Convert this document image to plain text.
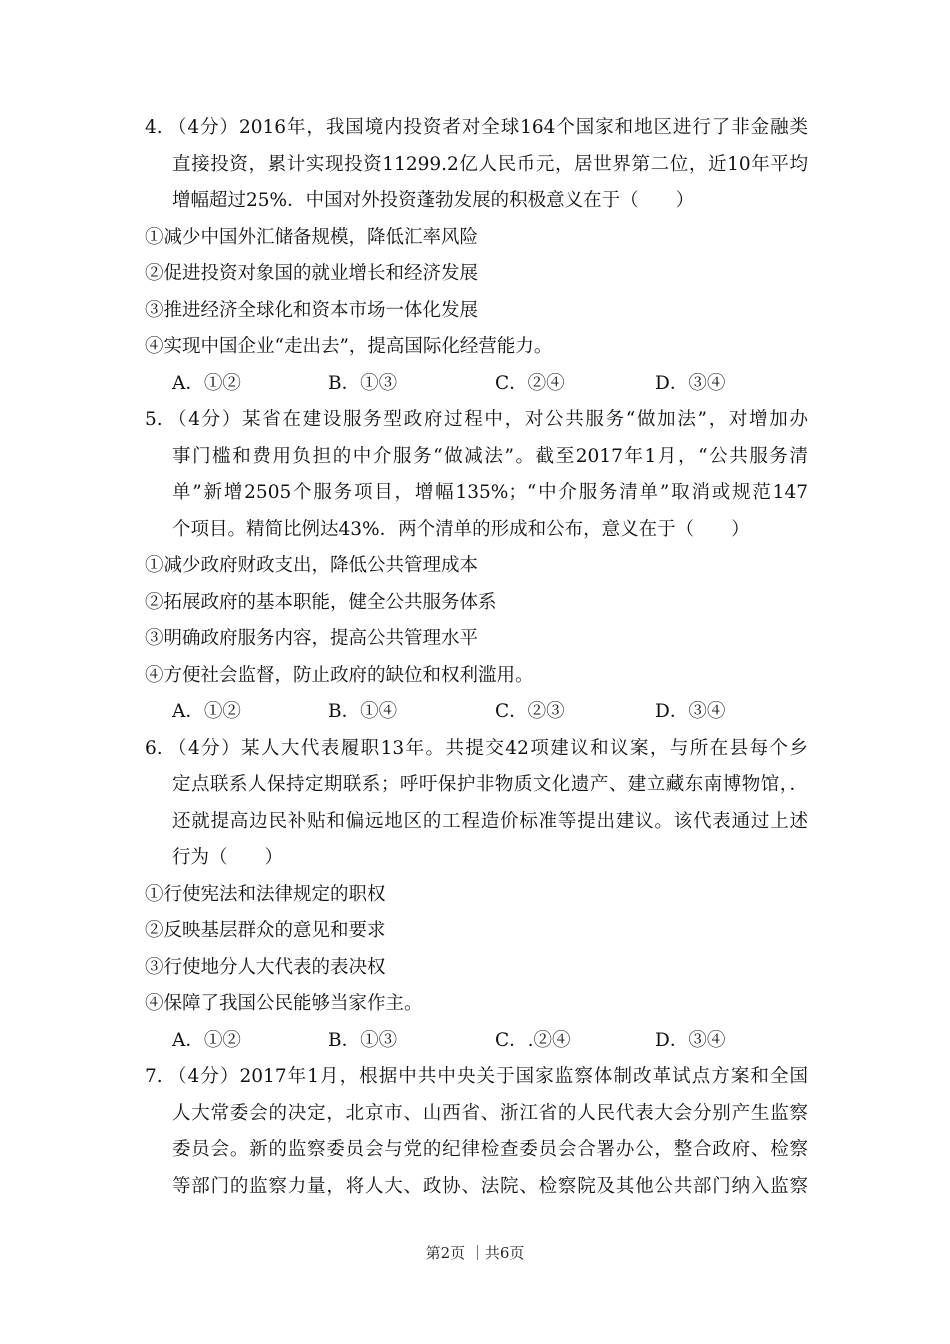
4. （4分）2016年，我国境内投资者对全球164个国家和地区进行了非金融类
直接投资，累计实现投资11299.2亿人民币元，居世界第二位，近10年平均
增幅超过25%．中国对外投资蓬勃发展的积极意义在于（　　）
①减少中国外汇储备规模，降低汇率风险
②促进投资对象国的就业增长和经济发展
③推进经济全球化和资本市场一体化发展
④实现中国企业“走出去”，提高国际化经营能力。
A．①②	B．①③	C．②④	D．③④
5. （4分）某省在建设服务型政府过程中，对公共服务“做加法”，对增加办
事门槛和费用负担的中介服务“做减法”。截至2017年1月，“公共服务清
单”新增2505个服务项目，增幅135%；“中介服务清单”取消或规范147
个项目。精简比例达43%．两个清单的形成和公布，意义在于（　　）
①减少政府财政支出，降低公共管理成本
②拓展政府的基本职能，健全公共服务体系
③明确政府服务内容，提高公共管理水平
④方便社会监督，防止政府的缺位和权利滥用。
A．①②	B．①④	C．②③	D．③④
6. （4分）某人大代表履职13年。共提交42项建议和议案，与所在县每个乡
定点联系人保持定期联系；呼吁保护非物质文化遗产、建立藏东南博物馆，．
还就提高边民补贴和偏远地区的工程造价标准等提出建议。该代表通过上述
行为（　　）
①行使宪法和法律规定的职权
②反映基层群众的意见和要求
③行使地分人大代表的表决权
④保障了我国公民能够当家作主。
A．①②	B．①③	C．.②④	D．③④
7. （4分）2017年1月，根据中共中央关于国家监察体制改革试点方案和全国
人大常委会的决定，北京市、山西省、浙江省的人民代表大会分别产生监察
委员会。新的监察委员会与党的纪律检查委员会合署办公，整合政府、检察
等部门的监察力量，将人大、政协、法院、检察院及其他公共部门纳入监察
第2页 ｜共6页
